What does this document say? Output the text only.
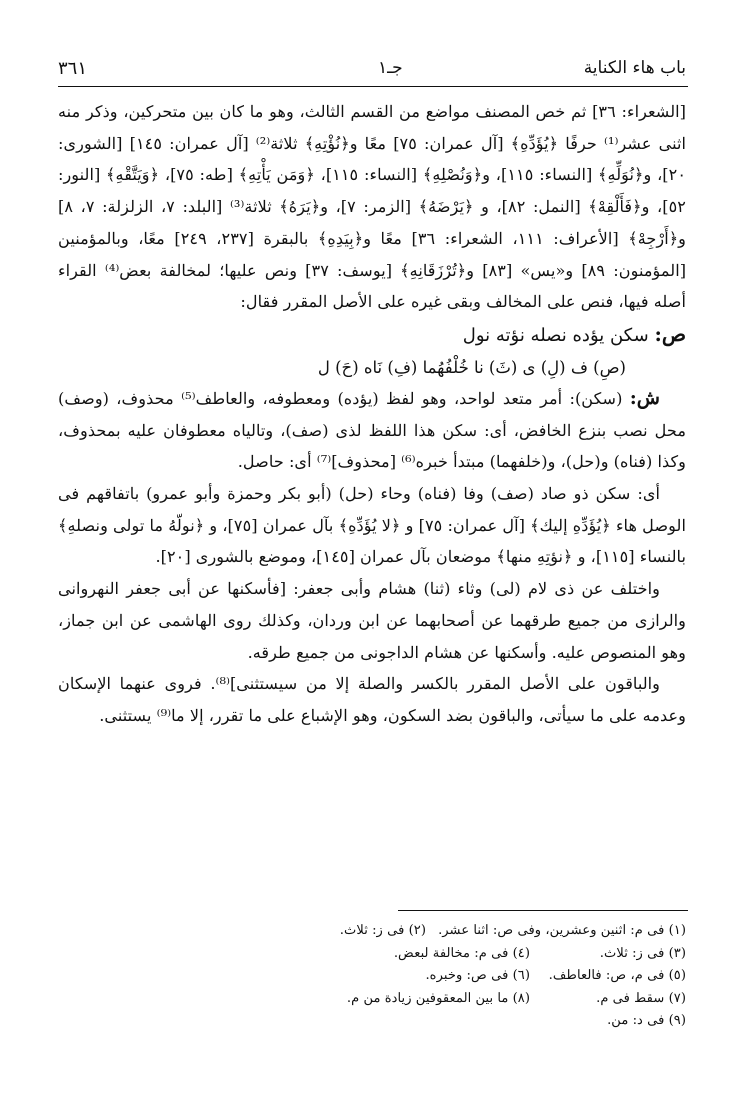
باب هاء الكناية
جـ١
٣٦١

[الشعراء: ٣٦] ثم خص المصنف مواضع من القسم الثالث، وهو ما كان بين متحركين، وذكر منه اثنى عشر⁽¹⁾ حرفًا ﴿يُؤَدِّهِ﴾ [آل عمران: ٧٥] معًا و﴿نُؤْتِهِ﴾ ثلاثة⁽²⁾ [آل عمران: ١٤٥] [الشورى: ٢٠]، و﴿نُوَلِّهِ﴾ [النساء: ١١٥]، و﴿وَنُصْلِهِ﴾ [النساء: ١١٥]، ﴿وَمَن يَأْتِهِ﴾ [طه: ٧٥]، ﴿وَيَتَّقْهِ﴾ [النور: ٥٢]، و﴿فَأَلْقِهْ﴾ [النمل: ٨٢]، و ﴿يَرْضَهُ﴾ [الزمر: ٧]، و﴿يَرَهُ﴾ ثلاثة⁽³⁾ [البلد: ٧، الزلزلة: ٧، ٨] و﴿أَرْجِهْ﴾ [الأعراف: ١١١، الشعراء: ٣٦] معًا و﴿بِيَدِهِ﴾ بالبقرة [٢٣٧، ٢٤٩] معًا، وبالمؤمنين [المؤمنون: ٨٩] و«يس» [٨٣] و﴿تُرْزَقَانِهِ﴾ [يوسف: ٣٧] ونص عليها؛ لمخالفة بعض⁽⁴⁾ القراء أصله فيها، فنص على المخالف وبقى غيره على الأصل المقرر فقال:

ص: سكن يؤده نصله نؤته نول

(صِ) ف (لِ) ى (ثَ) نا خُلْفُهُما (فِ) نَاه (حَ) ل

ش: (سكن): أمر متعد لواحد، وهو لفظ (يؤده) ومعطوفه، والعاطف⁽⁵⁾ محذوف، (وصف) محل نصب بنزع الخافض، أى: سكن هذا اللفظ لذى (صف)، وتالياه معطوفان عليه بمحذوف، وكذا (فناه) و(حل)، و(خلفهما) مبتدأ خبره⁽⁶⁾ [محذوف]⁽⁷⁾ أى: حاصل.

أى: سكن ذو صاد (صف) وفا (فناه) وحاء (حل) (أبو بكر وحمزة وأبو عمرو) باتفاقهم فى الوصل هاء ﴿يُؤَدِّهِ إليك﴾ [آل عمران: ٧٥] و ﴿لا يُؤَدِّهِ﴾ بآل عمران [٧٥]، و ﴿نولّهُ ما تولى ونصلهِ﴾ بالنساء [١١٥]، و ﴿نؤتِهِ منها﴾ موضعان بآل عمران [١٤٥]، وموضع بالشورى [٢٠].

واختلف عن ذى لام (لى) وثاء (ثنا) هشام وأبى جعفر: [فأسكنها عن أبى جعفر النهروانى والرازى من جميع طرقهما عن أصحابهما عن ابن وردان، وكذلك روى الهاشمى عن ابن جماز، وهو المنصوص عليه. وأسكنها عن هشام الداجونى من جميع طرقه.

والباقون على الأصل المقرر بالكسر والصلة إلا من سيستثنى]⁽⁸⁾. فروى عنهما الإسكان وعدمه على ما سيأتى، والباقون بضد السكون، وهو الإشباع على ما تقرر، إلا ما⁽⁹⁾ يستثنى.

(١) فى م: اثنين وعشرين، وفى ص: اثنا عشر.
(٢) فى ز: ثلاث.
(٣) فى ز: ثلاث.
(٤) فى م: مخالفة لبعض.
(٥) فى م، ص: فالعاطف.
(٦) فى ص: وخبره.
(٧) سقط فى م.
(٨) ما بين المعقوفين زيادة من م.
(٩) فى د: من.
